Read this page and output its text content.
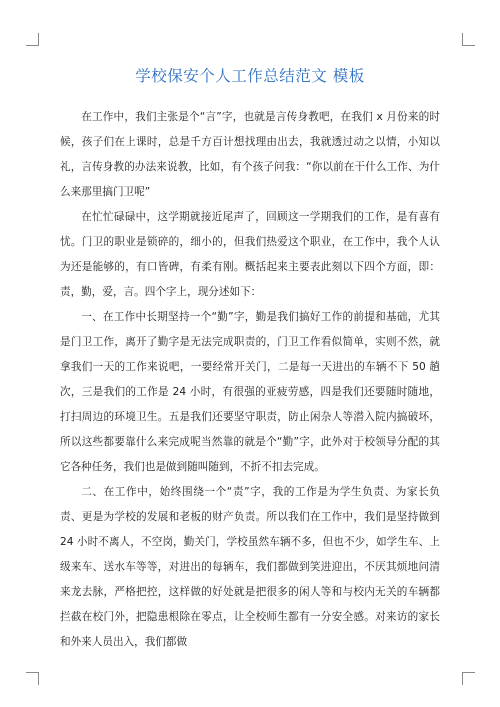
学校保安个人工作总结范文 模板

在工作中，我们主张是个“言”字，也就是言传身教吧，在我们 x 月份来的时候，孩子们在上课时，总是千方百计想找理由出去，我就透过动之以情，小知以礼，言传身教的办法来说教，比如，有个孩子问我：“你以前在干什么工作、为什么来那里搞门卫呢”

在忙忙碌碌中，这学期就接近尾声了，回顾这一学期我们的工作，是有喜有忧。门卫的职业是锁碎的，细小的，但我们热爱这个职业，在工作中，我个人认为还是能够的，有口皆碑，有柔有刚。概括起来主要表此刻以下四个方面，即：责，勤，爱，言。四个字上，现分述如下：

一、在工作中长期坚持一个“勤”字，勤是我们搞好工作的前提和基础，尤其是门卫工作，离开了勤字是无法完成职责的，门卫工作看似简单，实则不然，就拿我们一天的工作来说吧，一要经常开关门，二是每一天进出的车辆不下 50 趟次，三是我们的工作是 24 小时，有很强的亚疲劳感，四是我们还要随时随地，打扫周边的环境卫生。五是我们还要坚守职责，防止闲杂人等潜入院内搞破坏，所以这些都要靠什么来完成呢当然靠的就是个“勤”字，此外对于校领导分配的其它各种任务，我们也是做到随叫随到，不折不扣去完成。

二、在工作中，始终围绕一个“责”字，我的工作是为学生负责、为家长负责、更是为学校的发展和老板的财产负责。所以我们在工作中，我们是坚持做到 24 小时不离人，不空岗，勤关门，学校虽然车辆不多，但也不少，如学生车、上级来车、送水车等等，对进出的每辆车，我们都做到笑进迎出，不厌其烦地问清来龙去脉，严格把控，这样做的好处就是把很多的闲人等和与校内无关的车辆都拦截在校门外，把隐患根除在零点，让全校师生都有一分安全感。对来访的家长和外来人员出入，我们都做
